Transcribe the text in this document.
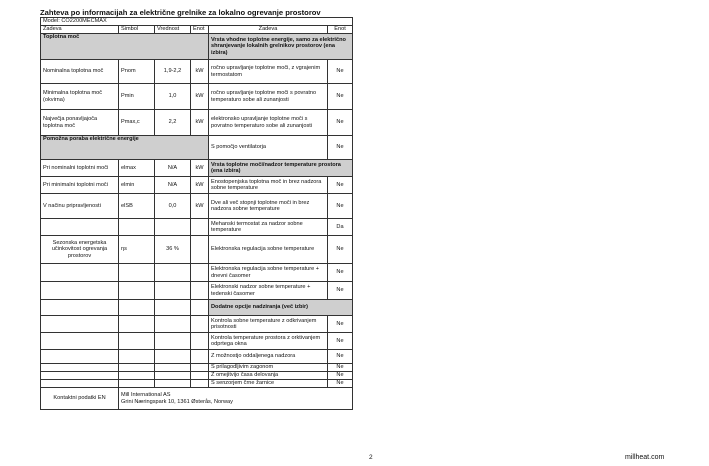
Zahteva po informacijah za električne grelnike za lokalno ogrevanje prostorov
Model: CO2200MECMAX					
Zadeva	Simbol	Vrednost	Enot	Zadeva	Enot
Toplotna moč				Vrsta vhodne toplotne energije, samo za električno shranjevanje lokalnih grelnikov prostorov (ena izbira)	
Nominalna toplotna moč	Pnom	1,9-2,2	kW	ročno upravljanje toplotne moči, z vgrajenim termostatom	Ne
Minimalna toplotna moč (okvirna)	Pmin	1,0	kW	ročno upravljanje toplotne moči s povratno temperaturo sobe ali zunanjosti	Ne
Največja ponavljajoča toplotna moč	Pmax,c	2,2	kW	elektronsko upravljanje toplotne moči s povratno temperaturo sobe ali zunanjosti	Ne
Pomožna poraba električne energije				S pomočjo ventilatorja	Ne
Pri nominalni toplotni moči	elmax	N/A	kW	Vrsta toplotne moči/nadzor temperature prostora (ena izbira)	
Pri minimalni toplotni moči	elmin	N/A	kW	Enostopenjska toplotna moč in brez nadzora sobne temperature	Ne
V načinu pripravljenosti	elSB	0,0	kW	Dve ali več stopnji toplotne moči in brez nadzora sobne temperature	Ne
				Mehanski termostat za nadzor sobne temperature	Da
Sezonska energetska učinkovitost ogrevanja prostorov	ηs	36 %		Elektronska regulacija sobne temperature	Ne
				Elektronska regulacija sobne temperature + dnevni časomer	Ne
				Elektronski nadzor sobne temperature + tedenski časomer	Ne
				Dodatne opcije nadziranja (več izbir)	
				Kontrola sobne temperature z odkrivanjem prisotnosti	Ne
				Kontrola temperature prostora z orktivanjem odprtega okna	Ne
				Z možnostjo oddaljenega nadzora	Ne
				S prilagodljivim zagonom	Ne
				Z omejitvijo časa delovanja	Ne
				S senzorjem črne žarnice	Ne
Kontaktni podatki EN	Mill International AS
Grini Næringspark 10, 1361 Østerås, Norway				
2	millheat.com
